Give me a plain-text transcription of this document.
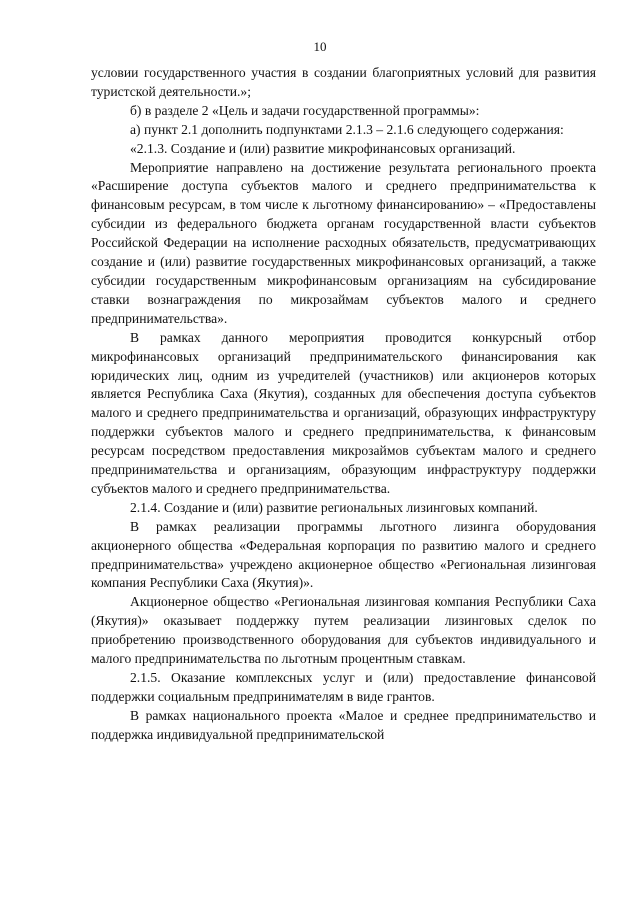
10

условии государственного участия в создании благоприятных условий для развития туристской деятельности.»;

б) в разделе 2 «Цель и задачи государственной программы»:

а) пункт 2.1 дополнить подпунктами 2.1.3 – 2.1.6 следующего содержания:

«2.1.3. Создание и (или) развитие микрофинансовых организаций.

Мероприятие направлено на достижение результата регионального проекта «Расширение доступа субъектов малого и среднего предпринимательства к финансовым ресурсам, в том числе к льготному финансированию» – «Предоставлены субсидии из федерального бюджета органам государственной власти субъектов Российской Федерации на исполнение расходных обязательств, предусматривающих создание и (или) развитие государственных микрофинансовых организаций, а также субсидии государственным микрофинансовым организациям на субсидирование ставки вознаграждения по микрозаймам субъектов малого и среднего предпринимательства».

В рамках данного мероприятия проводится конкурсный отбор микрофинансовых организаций предпринимательского финансирования как юридических лиц, одним из учредителей (участников) или акционеров которых является Республика Саха (Якутия), созданных для обеспечения доступа субъектов малого и среднего предпринимательства и организаций, образующих инфраструктуру поддержки субъектов малого и среднего предпринимательства, к финансовым ресурсам посредством предоставления микрозаймов субъектам малого и среднего предпринимательства и организациям, образующим инфраструктуру поддержки субъектов малого и среднего предпринимательства.

2.1.4. Создание и (или) развитие региональных лизинговых компаний.

В рамках реализации программы льготного лизинга оборудования акционерного общества «Федеральная корпорация по развитию малого и среднего предпринимательства» учреждено акционерное общество «Региональная лизинговая компания Республики Саха (Якутия)».

Акционерное общество «Региональная лизинговая компания Республики Саха (Якутия)» оказывает поддержку путем реализации лизинговых сделок по приобретению производственного оборудования для субъектов индивидуального и малого предпринимательства по льготным процентным ставкам.

2.1.5. Оказание комплексных услуг и (или) предоставление финансовой поддержки социальным предпринимателям в виде грантов.

В рамках национального проекта «Малое и среднее предпринимательство и поддержка индивидуальной предпринимательской
